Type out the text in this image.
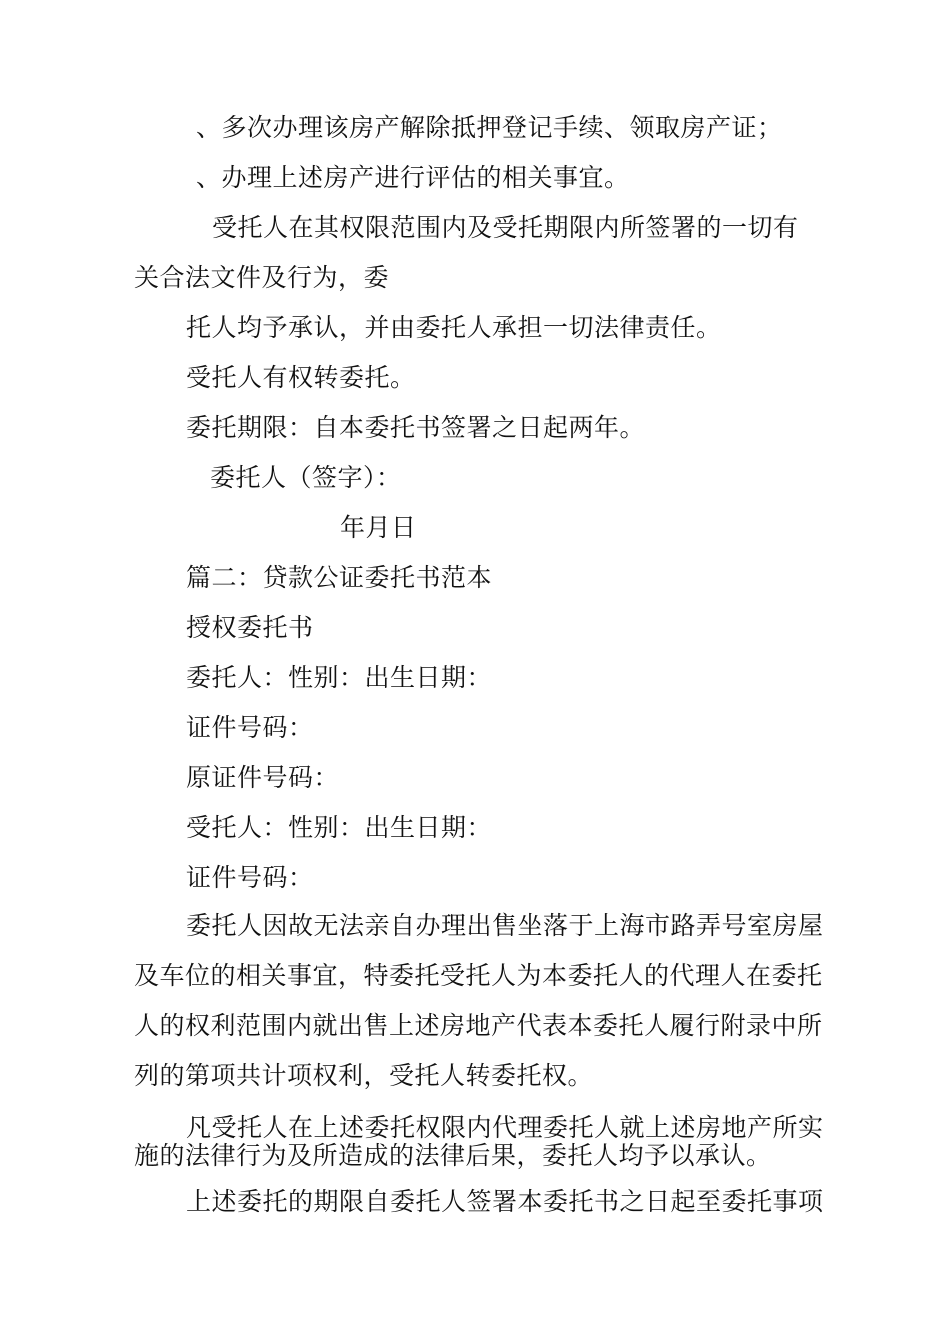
、多次办理该房产解除抵押登记手续、领取房产证；
、办理上述房产进行评估的相关事宜。
受托人在其权限范围内及受托期限内所签署的一切有
关合法文件及行为，委
托人均予承认，并由委托人承担一切法律责任。
受托人有权转委托。
委托期限：自本委托书签署之日起两年。
委托人（签字）：
年月日
篇二：贷款公证委托书范本
授权委托书
委托人：性别：出生日期：
证件号码：
原证件号码：
受托人：性别：出生日期：
证件号码：
委托人因故无法亲自办理出售坐落于上海市路弄号室房屋
及车位的相关事宜，特委托受托人为本委托人的代理人在委托
人的权利范围内就出售上述房地产代表本委托人履行附录中所
列的第项共计项权利，受托人转委托权。
凡受托人在上述委托权限内代理委托人就上述房地产所实
施的法律行为及所造成的法律后果，委托人均予以承认。
上述委托的期限自委托人签署本委托书之日起至委托事项
